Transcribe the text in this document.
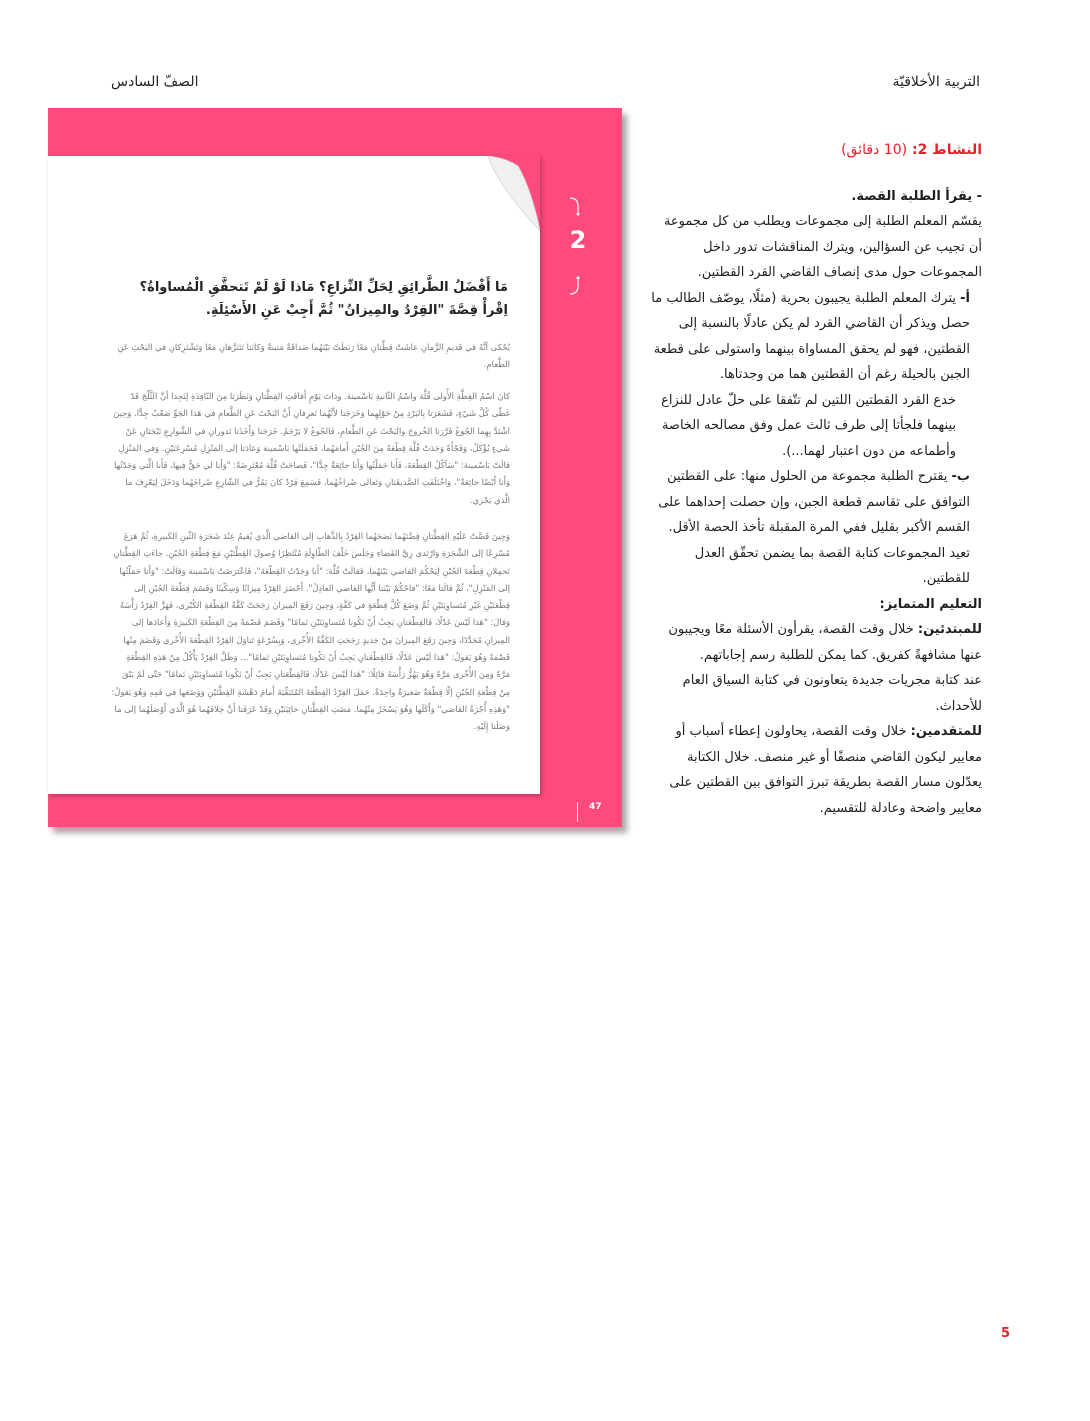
التربية الأخلاقيّة
الصفّ السادس
مَا أَفْضَلُ الطَّرائِقِ لِحَلِّ النِّزاعِ؟ مَاذا لَوْ لَمْ تَتحقَّقِ الْمُساواةُ؟
اِقْرأْ قِصَّةَ "القِرْدُ والمِيزانُ" ثُمَّ أَجِبْ عَنِ الأَسْئِلَةِ.
يُحْكى أنَّهُ في قَديمِ الزَّمانِ عاشَتْ قِطَّتانِ مَعًا رَبَطَتْ بَيْنَهُما صَداقَةٌ مَتينةٌ وَكانَتا تَتَنَزَّهانِ مَعًا وَتَشْتَرِكانِ في البَحْثِ عَنِ الطَّعامِ.
كانَ اسْمُ القِطَّةِ الأُولى قُلَّة واسْمُ الثّانيةِ بَاسْمينة. وذاتَ يَوْمٍ أَفاقَتِ القِطَّتانِ وَنَظَرَتا مِنَ النّافِذَةِ لِتَجِدا أنَّ الثَّلْجَ قَدْ غَطّى كُلَّ شَيْءٍ، فَشَعَرَتا بِالبَرْدِ مِنْ حَوْلِهِما وَخَرَجَتا لأَنَّهُما تَعرِفانِ أَنَّ البَحْثَ عَنِ الطَّعامِ في هَذا الجَوِّ صَعْبٌ جِدًّا. وَحِينَ اشْتَدَّ بِهِما الجُوعُ قَرَّرَتا الخُروجَ والبَحْثَ عَنِ الطَّعامِ، فَالجُوعُ لا يَرْحَمُ. خَرَجَتا وَأَخَذَتا تَدورانِ في الشَّوارِعِ تَبْحَثانِ عَنْ شَيءٍ يُؤْكَلُ، وَفَجْأَةً وَجَدَتْ قُلَّة قِطْعَةً مِنَ الجُبْنِ أَمامَهُما، فَحَمَلَتْها بَاسْمينة وَعادَتا إلى المَنْزِلِ مُسْرِعَتَيْنِ. وَفي المَنْزِلِ قالَتْ بَاسْمينة: "سَآكُلُ القِطْعَةَ، فَأَنا حَمَلْتُها وَأَنا جائِعَةٌ جِدًّا"، فَصاحَتْ قُلَّة مُعْتَرِضَةً: "وَأَنا لي حَقٌّ فِيها، فَأَنا الَّتي وَجَدْتُها وَأَنا أَيْضًا جائِعَةٌ"، وَاخْتَلَفَتِ الصَّديقَتانِ وَتَعالى صُراخُهُما، فَسَمِعَ قِرْدٌ كانَ يَمُرُّ في الشّارِعِ صُراخَهُما وَدَخَلَ لِيَعْرِفَ ما الَّذي يَجْري.
وَحِينَ قَصَّتْ عَلَيْهِ القِطَّتانِ قِصَّتَهُما نَصَحَهُما القِرْدُ بِالذَّهابِ إلى القاضي الَّذي يُقيمُ عِنْدَ شَجَرَةِ التِّينِ الكَبيرةِ، ثُمَّ هَرَعَ مُسْرِعًا إلى الشَّجَرَةِ وَارْتَدى زِيَّ القَضاءِ وَجَلَسَ خَلْفَ الطّاوِلَةِ مُنْتَظِرًا وُصولَ القِطَّتَيْنِ مَعَ قِطْعَةِ الجُبْنِ. جاءَتِ القِطَّتانِ تَحمِلانِ قِطْعَةَ الجُبْنِ لِيَحْكُمَ القاضي بَيْنَهُما، فَقالَتْ قُلَّة: "أَنا وَجَدْتُ القِطْعَةَ"، فَاعْتَرَضَتْ بَاسْمينة وَقالَتْ: "وَأَنا حَمَلْتُها إلى المَنْزِلِ"، ثُمَّ قالَتا مَعًا: "فاحْكُمْ بَيْنَنا أَيُّها القاضي العادِلُ". أَحْضَرَ القِرْدُ مِيزانًا وَسِكّينًا وَقَسَمَ قِطْعَةَ الجُبْنِ إلى قِطْعَتَيْنِ غَيْرِ مُتَساوِيَتَيْنِ ثُمَّ وَضَعَ كُلَّ قِطْعَةٍ في كَفَّةٍ، وَحِينَ رَفَعَ المِيزانَ رَجَحَتْ كَفَّةُ القِطْعَةِ الكُبْرى، فَهَزَّ القِرْدُ رَأْسَهُ وَقالَ: "هَذا لَيْسَ عَدْلًا، فَالقِطْعَتانِ يَجِبُ أَنْ تَكُونا مُتَساوِيَتَيْنِ تَمامًا" وَقَضَمَ قَضْمَةً مِنَ القِطْعَةِ الكَبيرَةِ وَأَعادَها إلى المِيزانِ مُجَدَّدًا، وَحِينَ رَفَعَ المِيزانَ مِنْ جَديدٍ رَجَحَتِ الكَفَّةُ الأُخْرى، وَبِسُرْعَةٍ تَناوَلَ القِرْدُ القِطْعَةَ الأُخْرى وَقَضَمَ مِنْها قَضْمَةً وَهُوَ يَقولُ: "هَذا لَيْسَ عَدْلًا، فَالقِطْعَتانِ يَجِبُ أَنْ تَكُونا مُتَساوِيَتَيْنِ تَمامًا"... وَظَلَّ القِرْدُ يَأْكُلُ مِنْ هَذِهِ القِطْعَةِ مَرَّةً وَمِنَ الأُخْرى مَرَّةً وَهُوَ يَهُزُّ رَأْسَهُ قائِلًا: "هَذا لَيْسَ عَدْلًا، فَالقِطْعَتانِ يَجِبُ أَنْ تَكُونا مُتَساوِيَتَيْنِ تَمامًا" حَتّى لَمْ يَبْقَ مِنْ قِطْعَةِ الجُبْنِ إلّا قِطْعَةٌ صَغيرَةٌ واحِدَةٌ. حَمَلَ القِرْدُ القِطْعَةَ المُتَبَقِّيَةَ أَمامَ دَهْشَةِ القِطَّتَيْنِ وَوَضَعَها في فَمِهِ وَهُوَ يَقولُ: "وَهَذِهِ أُجْرَةُ القاضي" وَأَكَلَها وَهُوَ يَسْخَرُ مِنْهُما. مَضَتِ القِطَّتانِ خائِبَتَيْنِ وَقَدْ عَرَفَتا أَنَّ خِلافَهُما هُوَ الَّذي أَوْصَلَهُما إلى ما وَصَلَتا إِلَيْهِ.
2
47

النشاط 2: (10 دقائق)

- يقرأ الطلبة القصة.

يقسّم المعلم الطلبة إلى مجموعات ويطلب من كل مجموعة أن تجيب عن السؤالين، ويترك المناقشات تدور داخل المجموعات حول مدى إنصاف القاضي القرد القطتين.

أ- يترك المعلم الطلبة يجيبون بحرية (مثلًا، يوصّف الطالب ما حصل ويذكر أن القاضي القرد لم يكن عادلًا بالنسبة إلى القطتين، فهو لم يحقق المساواة بينهما واستولى على قطعة الجبن بالحيلة رغم أن القطتين هما من وجدتاها.

خدع القرد القطتين اللتين لم تتّفقا على حلّ عادل للنزاع بينهما فلجأتا إلى طرف ثالث عمل وفق مصالحه الخاصة وأطماعه من دون اعتبار لهما...).

ب- يقترح الطلبة مجموعة من الحلول منها: على القطتين التوافق على تقاسم قطعة الجبن، وإن حصلت إحداهما على القسم الأكبر بقليل ففي المرة المقبلة تأخذ الحصة الأقل.

تعيد المجموعات كتابة القصة بما يضمن تحقّق العدل للقطتين.

التعليم المتمايز:

للمبتدئين: خلال وقت القصة، يقرأون الأسئلة معًا ويجيبون عنها مشافهةً كفريق. كما يمكن للطلبة رسم إجاباتهم.

عند كتابة مجريات جديدة يتعاونون في كتابة السياق العام للأحداث.

للمتقدمين: خلال وقت القصة، يحاولون إعطاء أسباب أو معايير ليكون القاضي منصفًا أو غير منصف. خلال الكتابة يعدّلون مسار القصة بطريقة تبرز التوافق بين القطتين على معايير واضحة وعادلة للتقسيم.

5
